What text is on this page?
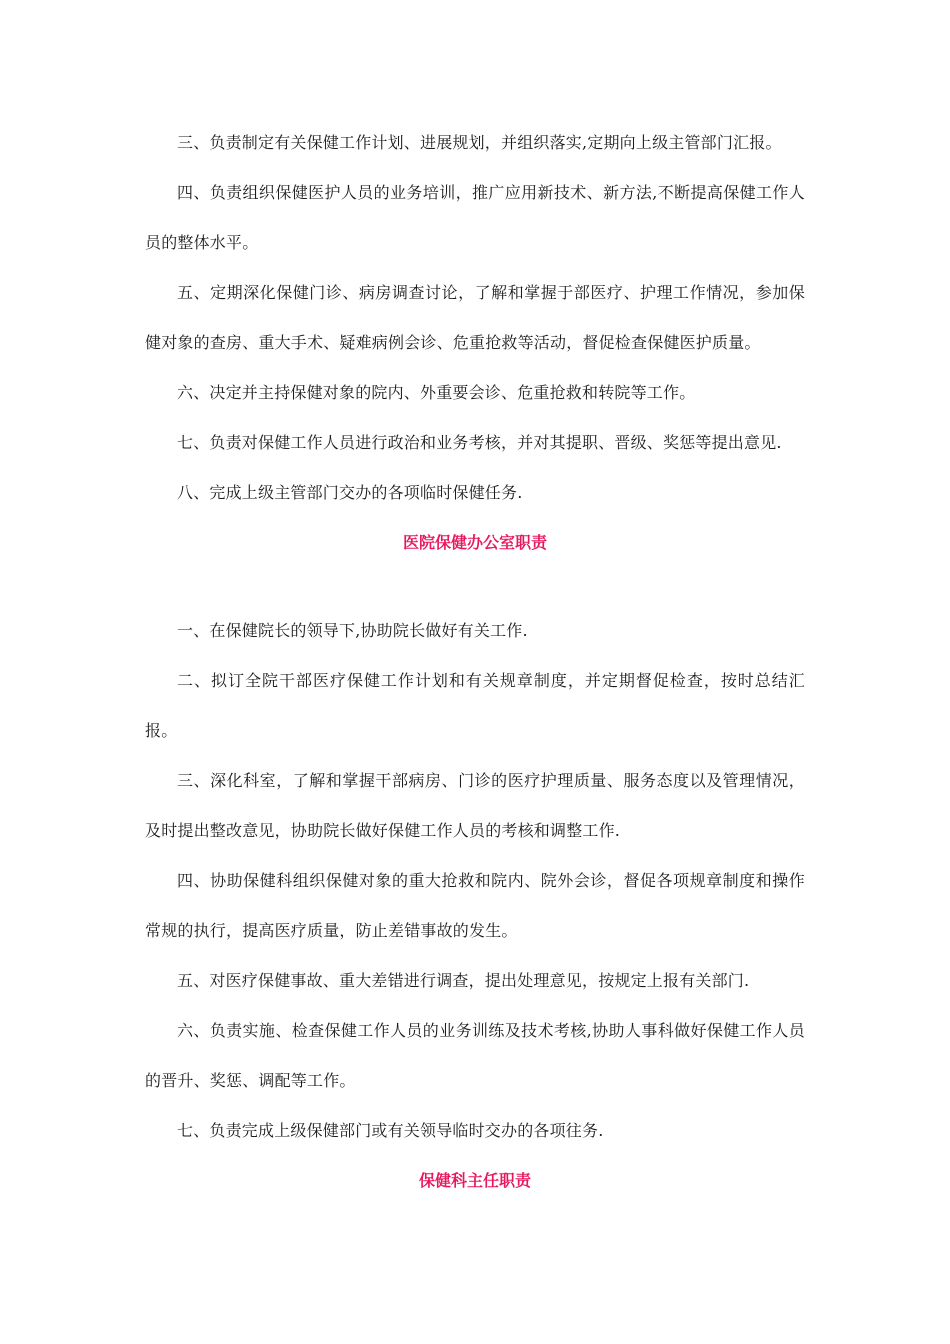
三、负责制定有关保健工作计划、进展规划，并组织落实,定期向上级主管部门汇报。

四、负责组织保健医护人员的业务培训，推广应用新技术、新方法,不断提高保健工作人员的整体水平。

五、定期深化保健门诊、病房调查讨论，了解和掌握于部医疗、护理工作情况，参加保健对象的查房、重大手术、疑难病例会诊、危重抢救等活动，督促检查保健医护质量。

六、决定并主持保健对象的院内、外重要会诊、危重抢救和转院等工作。

七、负责对保健工作人员进行政治和业务考核，并对其提职、晋级、奖惩等提出意见.

八、完成上级主管部门交办的各项临时保健任务.

医院保健办公室职责

一、在保健院长的领导下,协助院长做好有关工作.

二、拟订全院干部医疗保健工作计划和有关规章制度，并定期督促检查，按时总结汇报。

三、深化科室，了解和掌握干部病房、门诊的医疗护理质量、服务态度以及管理情况，及时提出整改意见，协助院长做好保健工作人员的考核和调整工作.

四、协助保健科组织保健对象的重大抢救和院内、院外会诊，督促各项规章制度和操作常规的执行，提高医疗质量，防止差错事故的发生。

五、对医疗保健事故、重大差错进行调查，提出处理意见，按规定上报有关部门.

六、负责实施、检查保健工作人员的业务训练及技术考核,协助人事科做好保健工作人员的晋升、奖惩、调配等工作。

七、负责完成上级保健部门或有关领导临时交办的各项往务.

保健科主任职责
